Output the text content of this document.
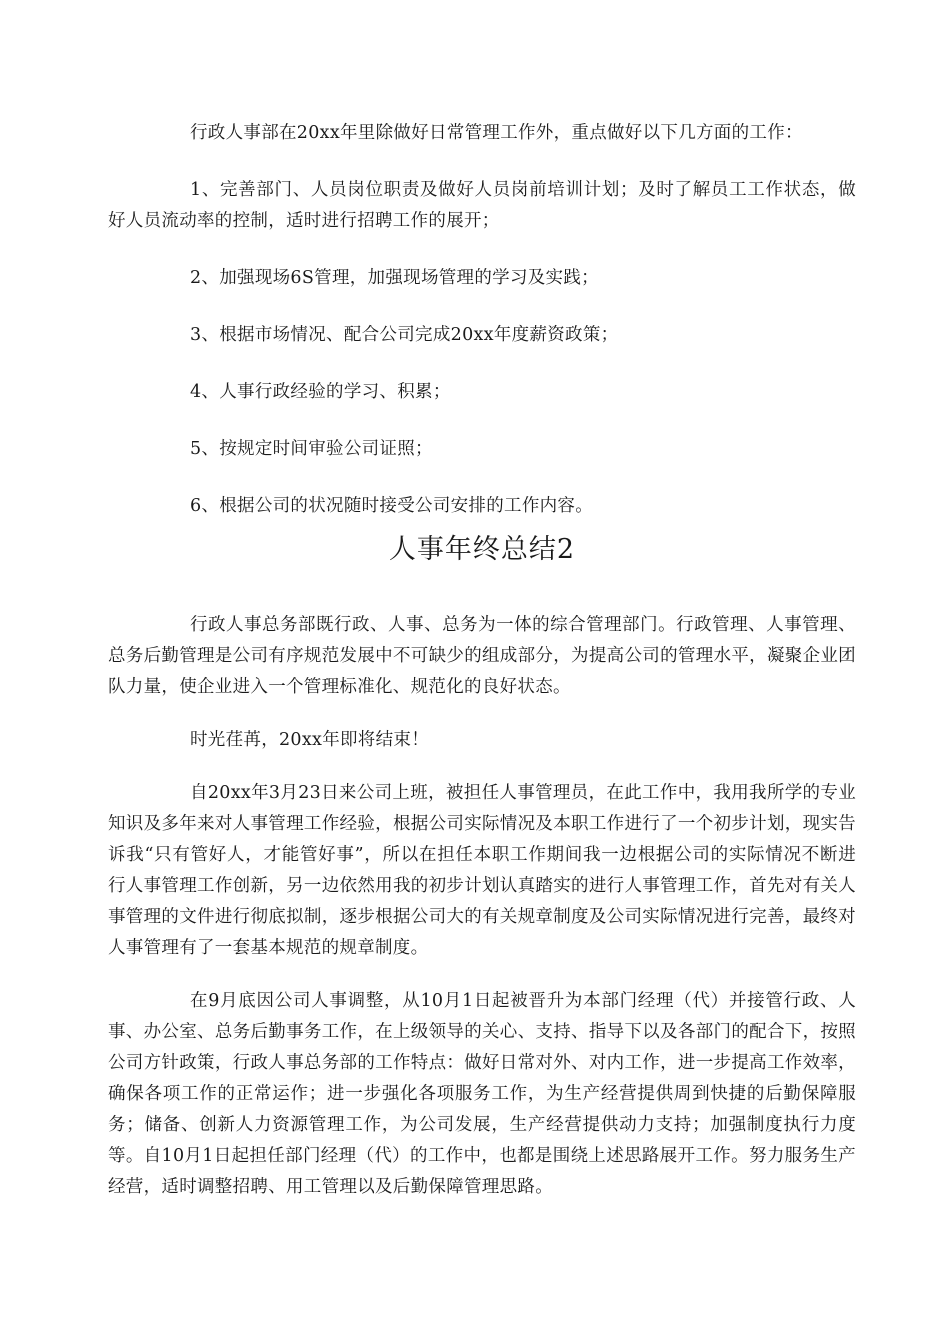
行政人事部在20xx年里除做好日常管理工作外，重点做好以下几方面的工作：

1、完善部门、人员岗位职责及做好人员岗前培训计划；及时了解员工工作状态，做好人员流动率的控制，适时进行招聘工作的展开；

2、加强现场6S管理，加强现场管理的学习及实践；

3、根据市场情况、配合公司完成20xx年度薪资政策；

4、人事行政经验的学习、积累；

5、按规定时间审验公司证照；

6、根据公司的状况随时接受公司安排的工作内容。

人事年终总结2

行政人事总务部既行政、人事、总务为一体的综合管理部门。行政管理、人事管理、总务后勤管理是公司有序规范发展中不可缺少的组成部分，为提高公司的管理水平，凝聚企业团队力量，使企业进入一个管理标准化、规范化的良好状态。

时光荏苒，20xx年即将结束！

自20xx年3月23日来公司上班，被担任人事管理员，在此工作中，我用我所学的专业知识及多年来对人事管理工作经验，根据公司实际情况及本职工作进行了一个初步计划，现实告诉我“只有管好人，才能管好事”，所以在担任本职工作期间我一边根据公司的实际情况不断进行人事管理工作创新，另一边依然用我的初步计划认真踏实的进行人事管理工作，首先对有关人事管理的文件进行彻底拟制，逐步根据公司大的有关规章制度及公司实际情况进行完善，最终对人事管理有了一套基本规范的规章制度。

在9月底因公司人事调整，从10月1日起被晋升为本部门经理（代）并接管行政、人事、办公室、总务后勤事务工作，在上级领导的关心、支持、指导下以及各部门的配合下，按照公司方针政策，行政人事总务部的工作特点：做好日常对外、对内工作，进一步提高工作效率，确保各项工作的正常运作；进一步强化各项服务工作，为生产经营提供周到快捷的后勤保障服务；储备、创新人力资源管理工作，为公司发展，生产经营提供动力支持；加强制度执行力度等。自10月1日起担任部门经理（代）的工作中，也都是围绕上述思路展开工作。努力服务生产经营，适时调整招聘、用工管理以及后勤保障管理思路。
